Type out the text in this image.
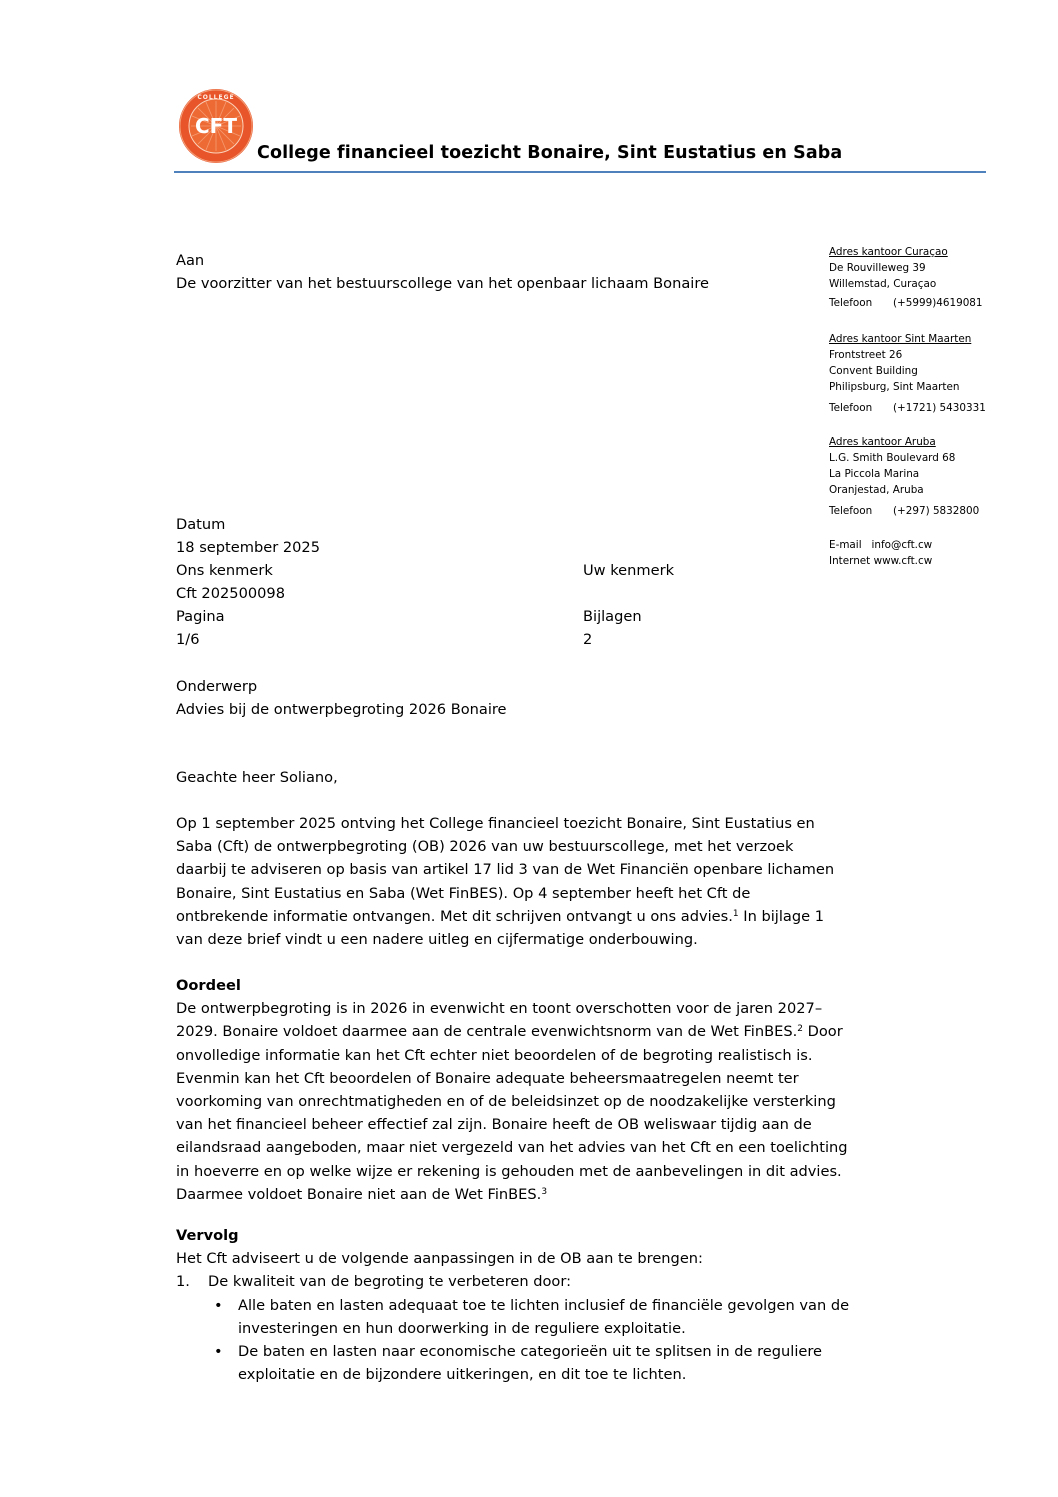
CFT
COLLEGE
College financieel toezicht Bonaire, Sint Eustatius en Saba
Aan
De voorzitter van het bestuurscollege van het openbaar lichaam Bonaire
Adres kantoor Curaçao
De Rouvilleweg 39
Willemstad, Curaçao
Telefoon (+5999)4619081
Adres kantoor Sint Maarten
Frontstreet 26
Convent Building
Philipsburg, Sint Maarten
Telefoon (+1721) 5430331
Adres kantoor Aruba
L.G. Smith Boulevard 68
La Piccola Marina
Oranjestad, Aruba
Telefoon (+297) 5832800
E-mail info@cft.cw
Internet www.cft.cw
Datum
18 september 2025
Ons kenmerk	Uw kenmerk
Cft 202500098
Pagina	Bijlagen
1/6	2
Onderwerp
Advies bij de ontwerpbegroting 2026 Bonaire

Geachte heer Soliano,

Op 1 september 2025 ontving het College financieel toezicht Bonaire, Sint Eustatius en

Saba (Cft) de ontwerpbegroting (OB) 2026 van uw bestuurscollege, met het verzoek

daarbij te adviseren op basis van artikel 17 lid 3 van de Wet Financiën openbare lichamen

Bonaire, Sint Eustatius en Saba (Wet FinBES). Op 4 september heeft het Cft de

ontbrekende informatie ontvangen. Met dit schrijven ontvangt u ons advies.$^1$ In bijlage 1

van deze brief vindt u een nadere uitleg en cijfermatige onderbouwing.

Oordeel

De ontwerpbegroting is in 2026 in evenwicht en toont overschotten voor de jaren 2027–

2029. Bonaire voldoet daarmee aan de centrale evenwichtsnorm van de Wet FinBES.$^2$ Door

onvolledige informatie kan het Cft echter niet beoordelen of de begroting realistisch is.

Evenmin kan het Cft beoordelen of Bonaire adequate beheersmaatregelen neemt ter

voorkoming van onrechtmatigheden en of de beleidsinzet op de noodzakelijke versterking

van het financieel beheer effectief zal zijn. Bonaire heeft de OB weliswaar tijdig aan de

eilandsraad aangeboden, maar niet vergezeld van het advies van het Cft en een toelichting

in hoeverre en op welke wijze er rekening is gehouden met de aanbevelingen in dit advies.

Daarmee voldoet Bonaire niet aan de Wet FinBES.$^3$

Vervolg

Het Cft adviseert u de volgende aanpassingen in de OB aan te brengen:

1. De kwaliteit van de begroting te verbeteren door:
• Alle baten en lasten adequaat toe te lichten inclusief de financiële gevolgen van de
investeringen en hun doorwerking in de reguliere exploitatie.
• De baten en lasten naar economische categorieën uit te splitsen in de reguliere
exploitatie en de bijzondere uitkeringen, en dit toe te lichten.
